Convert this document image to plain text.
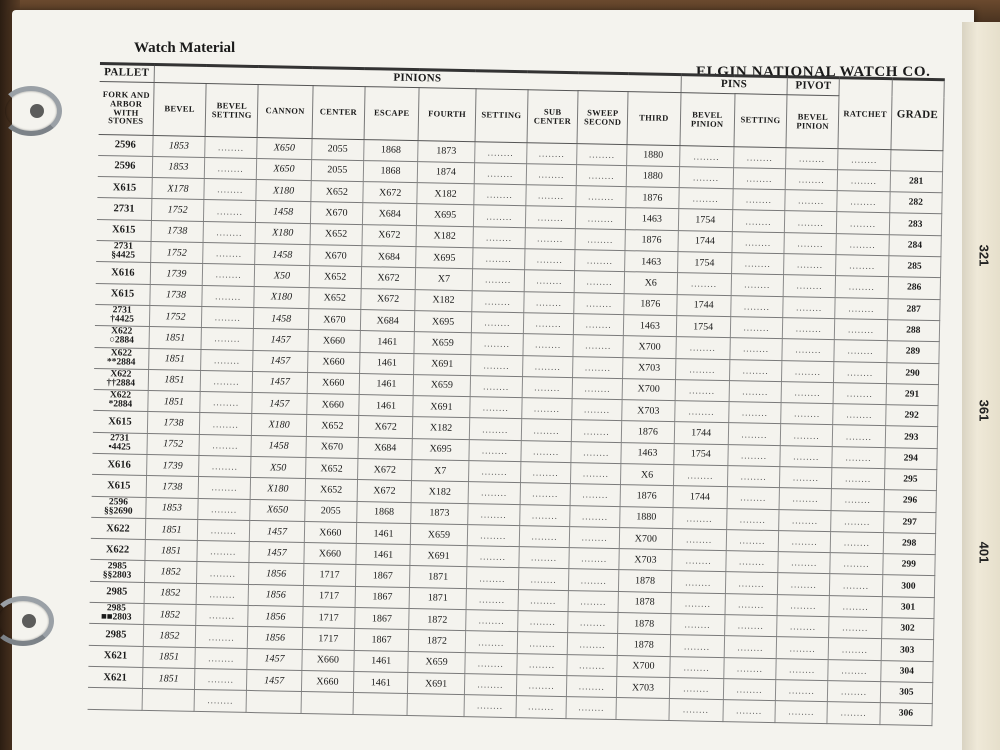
321
361
401
Watch Material
ELGIN NATIONAL WATCH CO.
PALLET	PINIONS										PINS		PIVOT	RATCHET	GRADE
FORK AND ARBOR WITH STONES	BEVEL	BEVEL SETTING	CANNON	CENTER	ESCAPE	FOURTH	SETTING	SUB CENTER	SWEEP SECOND	THIRD	BEVEL PINION	SETTING	BEVEL PINION		

2596	1853	........	X650	2055	1868	1873	........	........	........	1880	........	........	........	........	

2596	1853	........	X650	2055	1868	1874	........	........	........	1880	........	........	........	........	281

X615	X178	........	X180	X652	X672	X182	........	........	........	1876	........	........	........	........	282

2731	1752	........	1458	X670	X684	X695	........	........	........	1463	1754	........	........	........	283

X615	1738	........	X180	X652	X672	X182	........	........	........	1876	1744	........	........	........	284

2731
§4425	1752	........	1458	X670	X684	X695	........	........	........	1463	1754	........	........	........	285

X616	1739	........	X50	X652	X672	X7	........	........	........	X6	........	........	........	........	286

X615	1738	........	X180	X652	X672	X182	........	........	........	1876	1744	........	........	........	287

2731
†4425	1752	........	1458	X670	X684	X695	........	........	........	1463	1754	........	........	........	288

X622
○2884	1851	........	1457	X660	1461	X659	........	........	........	X700	........	........	........	........	289

X622
**2884	1851	........	1457	X660	1461	X691	........	........	........	X703	........	........	........	........	290

X622
††2884	1851	........	1457	X660	1461	X659	........	........	........	X700	........	........	........	........	291

X622
*2884	1851	........	1457	X660	1461	X691	........	........	........	X703	........	........	........	........	292

X615	1738	........	X180	X652	X672	X182	........	........	........	1876	1744	........	........	........	293

2731
•4425	1752	........	1458	X670	X684	X695	........	........	........	1463	1754	........	........	........	294

X616	1739	........	X50	X652	X672	X7	........	........	........	X6	........	........	........	........	295

X615	1738	........	X180	X652	X672	X182	........	........	........	1876	1744	........	........	........	296

2596
§§2690	1853	........	X650	2055	1868	1873	........	........	........	1880	........	........	........	........	297

X622	1851	........	1457	X660	1461	X659	........	........	........	X700	........	........	........	........	298

X622	1851	........	1457	X660	1461	X691	........	........	........	X703	........	........	........	........	299

2985
§§2803	1852	........	1856	1717	1867	1871	........	........	........	1878	........	........	........	........	300

2985	1852	........	1856	1717	1867	1871	........	........	........	1878	........	........	........	........	301

2985
■■2803	1852	........	1856	1717	1867	1872	........	........	........	1878	........	........	........	........	302

2985	1852	........	1856	1717	1867	1872	........	........	........	1878	........	........	........	........	303

X621	1851	........	1457	X660	1461	X659	........	........	........	X700	........	........	........	........	304

X621	1851	........	1457	X660	1461	X691	........	........	........	X703	........	........	........	........	305

		........					........	........	........		........	........	........	........	306
